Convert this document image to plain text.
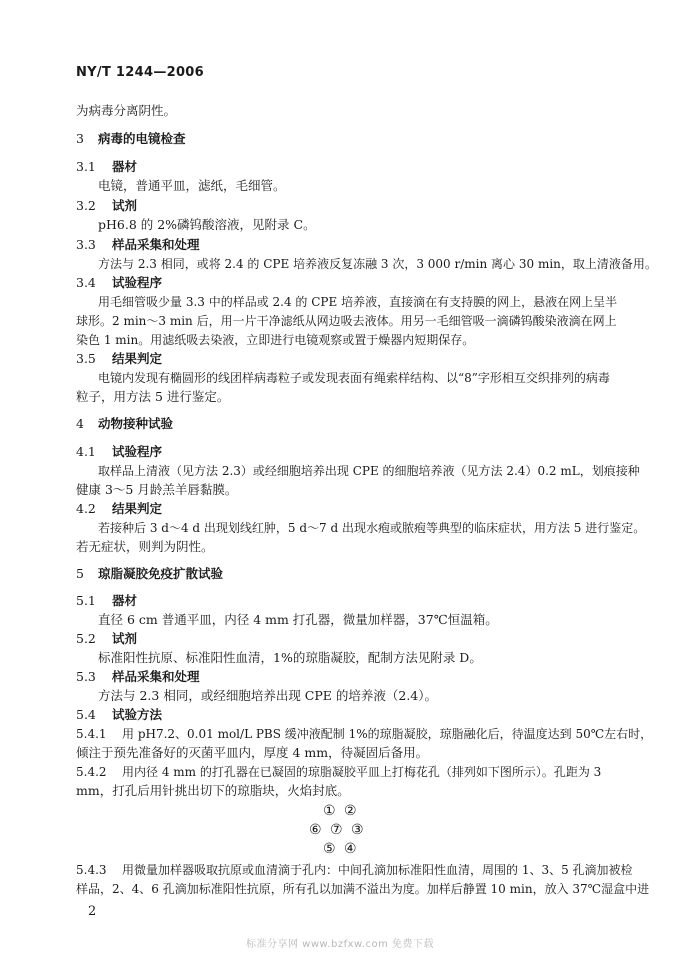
NY/T 1244—2006
为病毒分离阴性。
3 病毒的电镜检查
3.1 器材
电镜，普通平皿，滤纸，毛细管。
3.2 试剂
pH6.8 的 2%磷钨酸溶液，见附录 C。
3.3 样品采集和处理
方法与 2.3 相同，或将 2.4 的 CPE 培养液反复冻融 3 次，3 000 r/min 离心 30 min，取上清液备用。
3.4 试验程序
用毛细管吸少量 3.3 中的样品或 2.4 的 CPE 培养液，直接滴在有支持膜的网上，悬液在网上呈半
球形。2 min～3 min 后，用一片干净滤纸从网边吸去液体。用另一毛细管吸一滴磷钨酸染液滴在网上
染色 1 min。用滤纸吸去染液，立即进行电镜观察或置于燥器内短期保存。
3.5 结果判定
电镜内发现有椭圆形的线团样病毒粒子或发现表面有绳索样结构、以“8”字形相互交织排列的病毒
粒子，用方法 5 进行鉴定。
4 动物接种试验
4.1 试验程序
取样品上清液（见方法 2.3）或经细胞培养出现 CPE 的细胞培养液（见方法 2.4）0.2 mL，划痕接种
健康 3～5 月龄羔羊唇黏膜。
4.2 结果判定
若接种后 3 d～4 d 出现划线红肿，5 d～7 d 出现水疱或脓疱等典型的临床症状，用方法 5 进行鉴定。
若无症状，则判为阴性。
5 琼脂凝胶免疫扩散试验
5.1 器材
直径 6 cm 普通平皿，内径 4 mm 打孔器，微量加样器，37℃恒温箱。
5.2 试剂
标准阳性抗原、标准阳性血清，1%的琼脂凝胶，配制方法见附录 D。
5.3 样品采集和处理
方法与 2.3 相同，或经细胞培养出现 CPE 的培养液（2.4）。
5.4 试验方法
5.4.1 用 pH7.2、0.01 mol/L PBS 缓冲液配制 1%的琼脂凝胶，琼脂融化后，待温度达到 50℃左右时，
倾注于预先准备好的灭菌平皿内，厚度 4 mm，待凝固后备用。
5.4.2 用内径 4 mm 的打孔器在已凝固的琼脂凝胶平皿上打梅花孔（排列如下图所示）。孔距为 3
mm，打孔后用针挑出切下的琼脂块，火焰封底。
① ②
⑥ ⑦ ③
⑤ ④
5.4.3 用微量加样器吸取抗原或血清滴于孔内：中间孔滴加标准阳性血清，周围的 1、3、5 孔滴加被检
样品，2、4、6 孔滴加标准阳性抗原，所有孔以加满不溢出为度。加样后静置 10 min，放入 37℃湿盒中进
2
标准分享网 www.bzfxw.com 免费下载
